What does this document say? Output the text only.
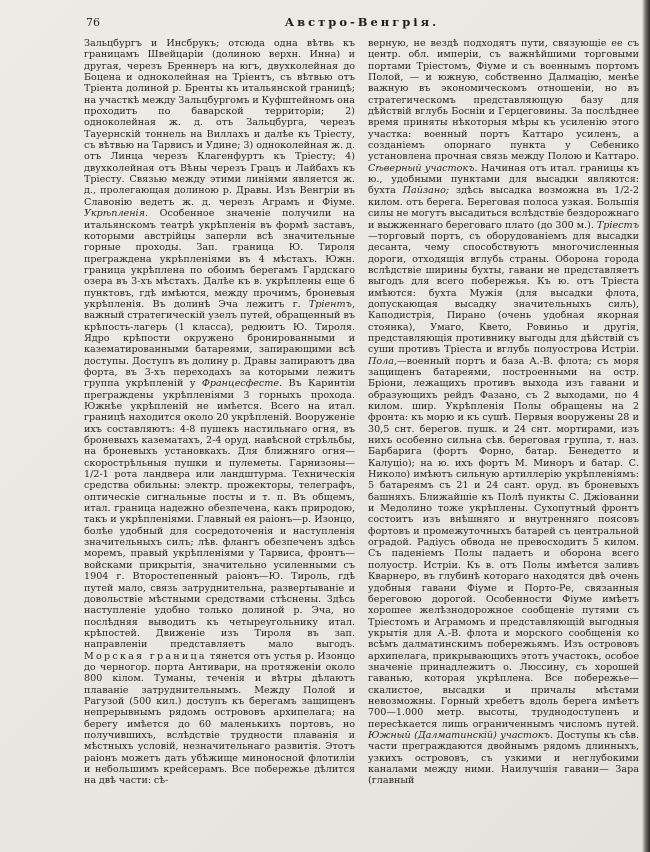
76	Австро-Венгрія.
Зальцбургъ и Инсбрукъ; отсюда одна вѣтвь къ границамъ Швейцаріи (долиною верхн. Инна) и другая, черезъ Бреннеръ на югъ, двухколейная до Боцена и одноколейная на Тріентъ, съ вѣтвью отъ Тріента долиной р. Бренты къ итальянской границѣ; на участкѣ между Зальцбургомъ и Куфштейномъ она проходитъ по баварской территоріи; 2) одноколейная ж. д. отъ Зальцбурга, черезъ Тауернскій тоннель на Виллахъ и далѣе къ Тріесту, съ вѣтвью на Тарвисъ и Удине; 3) одноколейная ж. д. отъ Линца черезъ Клагенфуртъ къ Тріесту; 4) двухколейная отъ Вѣны черезъ Грацъ и Лайбахъ къ Тріесту. Связью между этими линіями является ж. д., пролегающая долиною р. Дравы. Изъ Венгріи въ Славонію ведетъ ж. д. черезъ Аграмъ и Фіуме. Укрѣпленія. Особенное значеніе получили на итальянскомъ театрѣ укрѣпленія въ формѣ заставъ, которыми австрійцы заперли всѣ значительные горные проходы. Зап. граница Ю. Тироля преграждена укрѣпленіями въ 4 мѣстахъ. Южн. граница укрѣплена по обоимъ берегамъ Гардскаго озера въ 3-хъ мѣстахъ. Далѣе къ в. укрѣплены еще 6 пунктовъ, гдѣ имѣются, между прочимъ, броневыя укрѣпленія. Въ долинѣ Эча лежитъ г. Тріентъ, важный стратегическій узелъ путей, обращенный въ крѣпость-лагерь (1 класса), редюитъ Ю. Тироля. Ядро крѣпости окружено бронированными и казематированными батареями, запирающими всѣ доступы. Доступъ въ долину р. Дравы запираютъ два форта, въ 3-хъ переходахъ за которыми лежитъ группа укрѣпленій у Францесфесте. Въ Каринтіи преграждены укрѣпленіями 3 горныхъ прохода. Южнѣе укрѣпленій не имѣется. Всего на итал. границѣ находится около 20 укрѣпленій. Вооруженіе ихъ составляютъ: 4-8 пушекъ настильнаго огня, въ броневыхъ казематахъ, 2-4 оруд. навѣсной стрѣльбы, на броневыхъ установкахъ. Для ближняго огня—скорострѣльныя пушки и пулеметы. Гарнизоны—1/2-1 рота ландвера или ландштурма. Техническія средства обильны: электр. прожекторы, телеграфъ, оптическіе сигнальные посты и т. п. Въ общемъ, итал. граница надежно обезпечена, какъ природою, такъ и укрѣпленіями. Главный ея раіонъ—р. Изонцо, болѣе удобный для сосредоточенія и наступленія значительныхъ силъ; лѣв. флангъ обезпеченъ здѣсь моремъ, правый укрѣпленіями у Тарвиса, фронтъ—войсками прикрытія, значительно усиленными съ 1904 г. Второстепенный раіонъ—Ю. Тироль, гдѣ путей мало, связь затруднительна, развертываніе и довольствіе мѣстными средствами стѣснены. Здѣсь наступленіе удобно только долиной р. Эча, но послѣдняя выводитъ къ четыреугольнику итал. крѣпостей. Движеніе изъ Тироля въ зап. направленіи представляетъ мало выгодъ. Морская граница тянется отъ устья р. Изонцо до черногор. порта Антивари, на протяженіи около 800 кілом. Туманы, теченія и вѣтры дѣлаютъ плаваніе затруднительнымъ. Между Полой и Рагузой (500 кил.) доступъ къ берегамъ защищенъ непрерывнымъ рядомъ острововъ архипелага; на берегу имѣется до 60 маленькихъ портовъ, но получившихъ, вслѣдствіе трудности плаванія и мѣстныхъ условій, незначительнаго развитія. Этотъ раіонъ можетъ дать убѣжище миноносной флотиліи и небольшимъ крейсерамъ. Все побережье дѣлится на двѣ части: сѣ-
верную, не вездѣ подходятъ пути, связующіе ее съ центр. обл. имперіи, съ важнѣйшими торговыми портами Тріестомъ, Фіуме и съ военнымъ портомъ Полой, — и южную, собственно Далмацію, менѣе важную въ экономическомъ отношеніи, но въ стратегическомъ представляющую базу для дѣйствій вглубь Босніи и Герцеговины. За послѣднее время приняты нѣкоторыя мѣры къ усиленію этого участка: военный портъ Каттаро усиленъ, а созданіемъ опорнаго пункта у Себенико установлена прочная связь между Полою и Каттаро. Сѣверный участокъ. Начиная отъ итал. границы къ ю., удобными пунктами для высадки являются: бухта Пайзано; здѣсь высадка возможна въ 1/2-2 килом. отъ берега. Береговая полоса узкая. Большія силы не могутъ высадиться вслѣдствіе бездорожнаго и выжженнаго береговаго плато (до 300 м.). Тріестъ—торговый портъ, съ оборудованіемъ для высадки десанта, чему способствуютъ многочисленныя дороги, отходящія вглубь страны. Оборона города вслѣдствіе ширины бухты, гавани не представляетъ выгодъ для всего побережья. Къ ю. отъ Тріеста имѣются: бухта Мужія (для высадки флота, допускающая высадку значительныхъ силъ), Каподистрія, Пирано (очень удобная якорная стоянка), Умаго, Квето, Ровиньо и другія, представляющія противнику выгоды для дѣйствій съ суши противъ Тріеста и вглубь полуострова Истріи. Пола,—военный портъ и база А.-В. флота; съ моря защищенъ батареями, построенными на остр. Бріони, лежащихъ противъ выхода изъ гавани и образующихъ рейдъ Фазано, съ 2 выходами, по 4 килом. шир. Укрѣпленія Полы обращены на 2 фронта: къ морю и къ сушѣ. Первыя вооружены 28 и 30,5 снт. берегов. пушк. и 24 снт. мортирами, изъ нихъ особенно сильна сѣв. береговая группа, т. наз. Барбарига (фортъ Форно, батар. Бенедетто и Калуціо); на ю. ихъ фортъ М. Миноръ и батар. С. Николо) имѣютъ сильную артиллерію укрѣпленіямъ: 5 батареямъ съ 21 и 24 сант. оруд. въ броневыхъ башняхъ. Ближайшіе къ Полѣ пункты С. Джіованни и Медолино тоже укрѣплены. Сухопутный фронтъ состоитъ изъ внѣшняго и внутренняго поясовъ фортовъ и промежуточныхъ батарей съ центральной оградой. Радіусъ обвода не превосходитъ 5 килом. Съ паденіемъ Полы падаетъ и оборона всего полуостр. Истріи. Къ в. отъ Полы имѣется заливъ Кварнеро, въ глубинѣ котораго находятся двѣ очень удобныя гавани Фіуме и Порто-Ре, связанныя береговою дорогой. Особенности Фіуме имѣетъ хорошее желѣзнодорожное сообщеніе путями съ Тріестомъ и Аграмомъ и представляющій выгодныя укрытія для А.-В. флота и морского сообщенія ко всѣмъ далматинскимъ побережьямъ. Изъ острововъ архипелага, прикрывающихъ этотъ участокъ, особое значеніе принадлежитъ о. Люссину, съ хорошей гаванью, которая укрѣплена. Все побережье—скалистое, высадки и причалы мѣстами невозможны. Горный хребетъ вдоль берега имѣетъ 700—1.000 метр. высоты, труднодоступенъ и пересѣкается лишь ограниченнымъ числомъ путей. Южный (Далматинскій) участокъ. Доступы къ сѣв. части преграждаются двойнымъ рядомъ длинныхъ, узкихъ острововъ, съ узкими и неглубокими каналами между ними. Наилучшія гавани— Зара (главный
